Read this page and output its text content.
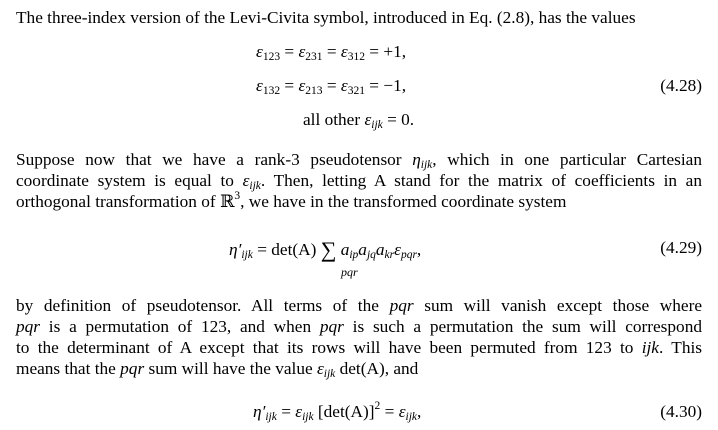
The three-index version of the Levi-Civita symbol, introduced in Eq. (2.8), has the values
$\varepsilon_{123} = \varepsilon_{231} = \varepsilon_{312} = +1$,
$\varepsilon_{132} = \varepsilon_{213} = \varepsilon_{321} = -1$,	(4.28)
all other $\varepsilon_{ijk} = 0$.
Suppose now that we have a rank-3 pseudotensor $\eta_{ijk}$, which in one particular Cartesian
coordinate system is equal to $\varepsilon_{ijk}$. Then, letting A stand for the matrix of coefficients in an
orthogonal transformation of ℝ$^3$, we have in the transformed coordinate system
$\eta'_{ijk} = \det(A)$ ∑ $a_{ip}a_{jq}a_{kr}\varepsilon_{pqr}$,
pqr
(4.29)
by definition of pseudotensor. All terms of the pqr sum will vanish except those where
pqr is a permutation of 123, and when pqr is such a permutation the sum will correspond
to the determinant of A except that its rows will have been permuted from 123 to ijk. This
means that the pqr sum will have the value $\varepsilon_{ijk}$ det(A), and
$\eta'_{ijk} = \varepsilon_{ijk}$ $[\det(A)]^2 = \varepsilon_{ijk}$,	(4.30)
